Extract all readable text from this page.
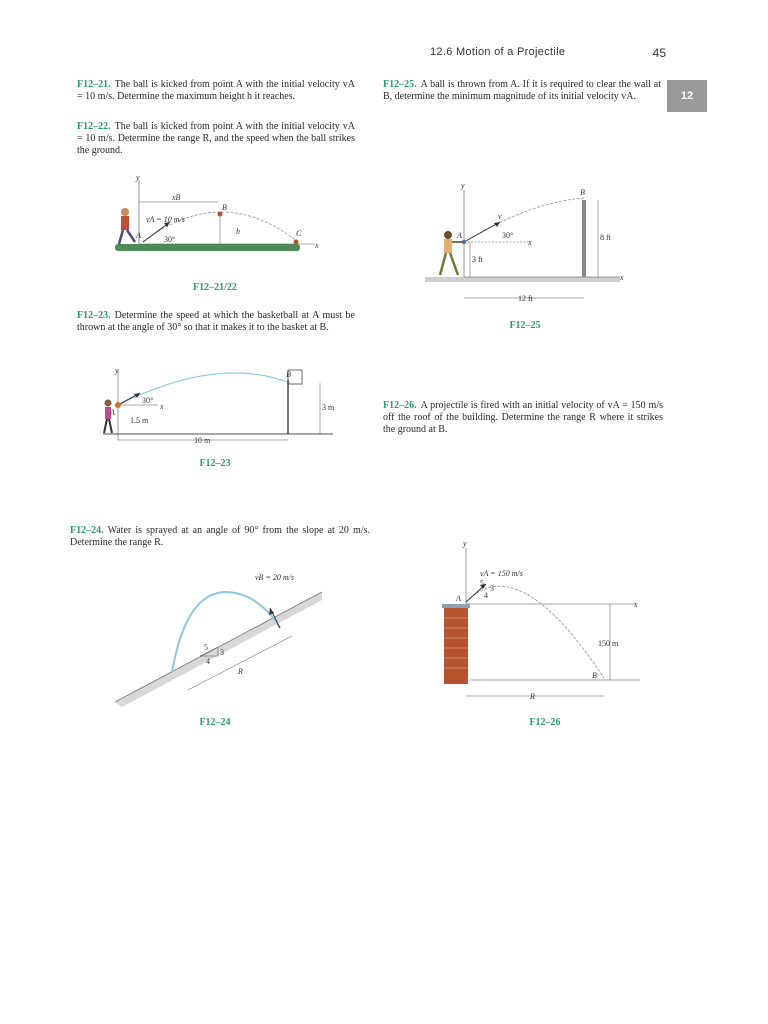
12.6 Motion of a Projectile	45
12
F12–21. The ball is kicked from point A with the initial velocity vA = 10 m/s. Determine the maximum height h it reaches.
F12–22. The ball is kicked from point A with the initial velocity vA = 10 m/s. Determine the range R, and the speed when the ball strikes the ground.
F12–25. A ball is thrown from A. If it is required to clear the wall at B, determine the minimum magnitude of its initial velocity vA.
F12–23. Determine the speed at which the basketball at A must be thrown at the angle of 30° so that it makes it to the basket at B.
F12–26. A projectile is fired with an initial velocity of vA = 150 m/s off the roof of the building. Determine the range R where it strikes the ground at B.
F12–24. Water is sprayed at an angle of 90° from the slope at 20 m/s. Determine the range R.
y
x
xB
vA = 10 m/s
30°
A
B
C
h
F12–21/22
y
x
A
B
v
30°
x
3 ft
8 ft
12 ft
F12–25
y
x
30°
A
B
1.5 m
3 m
10 m
F12–23
vB = 20 m/s
5
4
3
R
F12–24
y
x
vA = 150 m/s
A
B
5
4
3
150 m
R
F12–26
